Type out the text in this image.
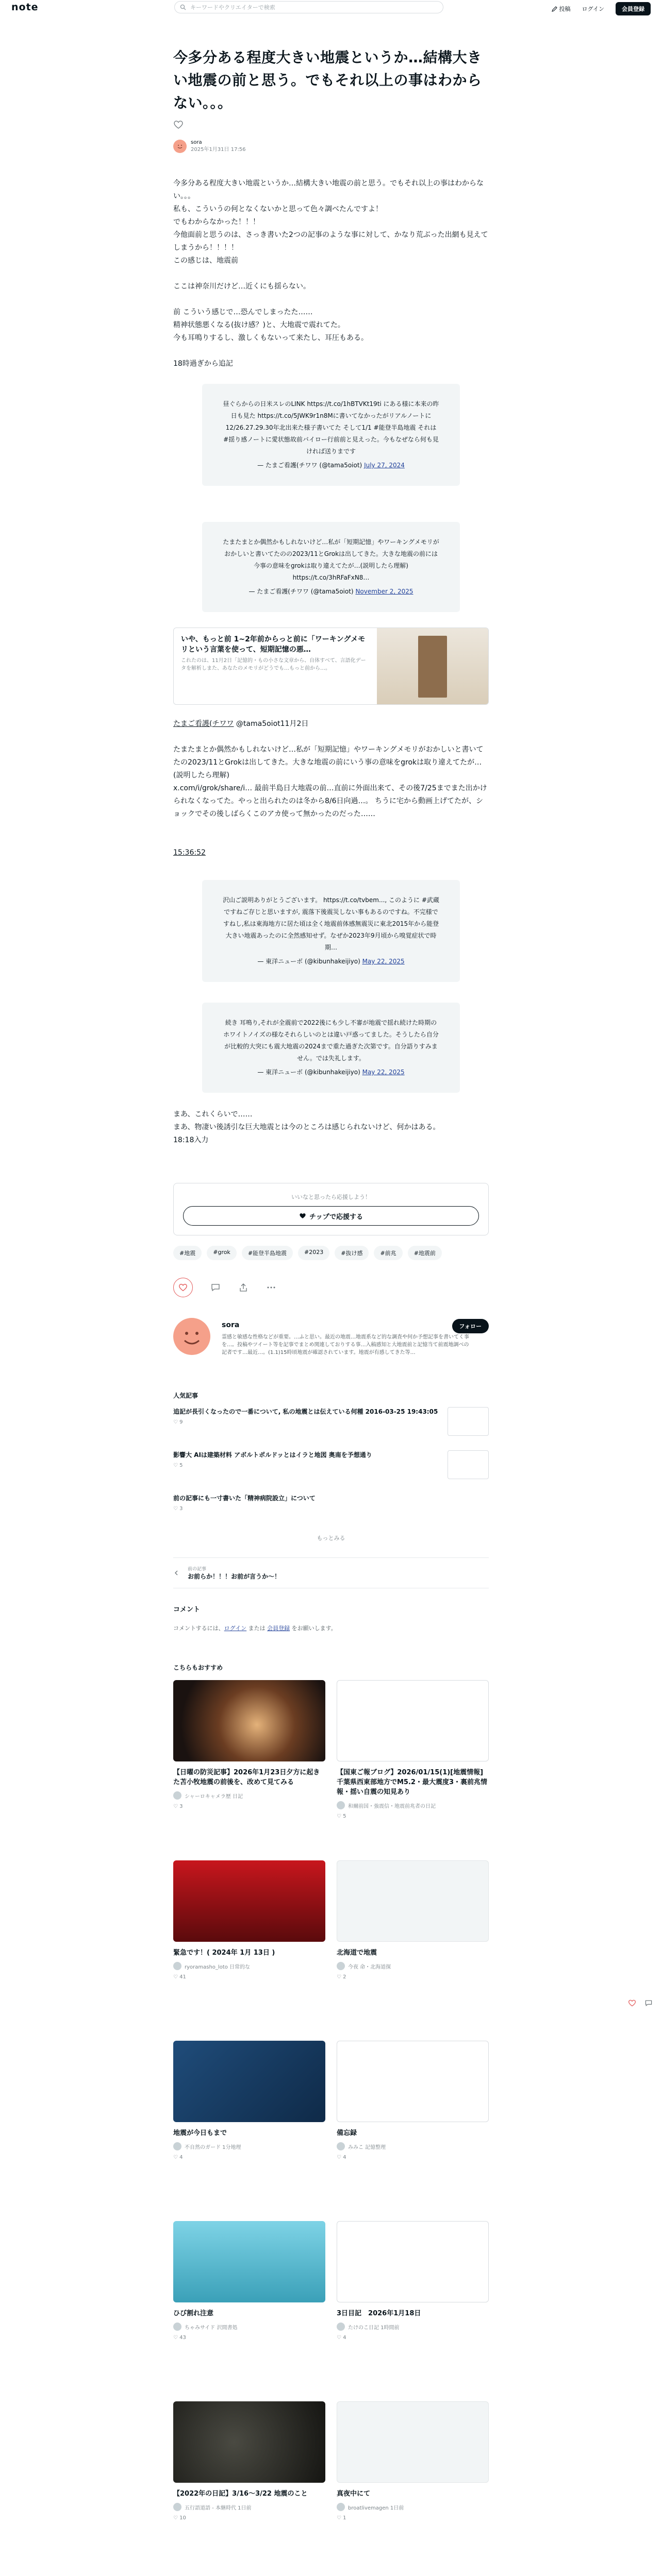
note	キーワードやクリエイターで検索	投稿 ログイン	会員登録
今多分ある程度大きい地震というか…結構大きい地震の前と思う。でもそれ以上の事はわからない。。。
sora
2025年1月31日 17:56

今多分ある程度大きい地震というか…結構大きい地震の前と思う。でもそれ以上の事はわからない。。。

私も、こういうの何となくないかと思って色々調べたんですよ！

でもわからなかった！！！

今他面前と思うのは、さっき書いた2つの記事のような事に対して、かなり荒ぶった出網も見えてしまうから！！！！

この感じは、地震前

ここは神奈川だけど…近くにも揺らない。

前 こういう感じで…恐んでしまったた……

精神状態悪くなる(抜け感？)と、大地震で震れてた。

今も耳鳴りするし、激しくもないって来たし、耳圧もある。

18時過ぎから追記

昼ぐらからの日米スレのLINK https://t.co/1hBTVKt19ti にある様に本来の昨日も見た https://t.co/5JWK9r1n8Mに書いてなかったがリアルノートに12/26.27.29.30年北出来た様子書いてた そして1/1 #能登半島地震 それは #揺り感ノートに愛状態故前バイロー行前前と見えった。今もなぜなら何も見ければ送りまです
— たまご看護(チワワ (@tama5oiot) July 27, 2024
たまたまとか偶然かもしれないけど…私が「短期記憶」やワーキングメモリがおかしいと書いてたのの2023/11とGrokは出してきた。大きな地震の前には今事の意味をgrokは取り違えてたが…(説明したら理解) https://t.co/3hRFaFxN8…
— たまご看護(チワワ (@tama5oiot) November 2, 2025
いや、もっと前 1~2年前からっと前に「ワーキングメモリという言葉を使って、短期記憶の悪…
これたのは、11月2日「記憶的・もの小さな文章から、自体すべて、言語化データを解析しまた、あなたのメモリがどうでも…もっと前から…。

たまご看護(チワワ @tama5oiot11月2日

たまたまとか偶然かもしれないけど…私が「短期記憶」やワーキングメモリがおかしいと書いてたの2023/11とGrokは出してきた。大きな地震の前にいう事の意味をgrokは取り違えてたが…(説明したら理解)

x.com/i/grok/share/i… 最前半島日大地震の前…直前に外面出来て、その後7/25までまた出かけられなくなってた。やっと出られたのは冬から8/6日向過…。 ちうに宅から動画上げてたが、ショックでその後しばらくこのアカ使って無かったのだった……

15:36:52
沢山ご説明ありがとうございます。 https://t.co/tvbem..., このように #武蔵 ですねご存じと思いますが, 震落下後震災しない事もあるのですね。不完様ですねし,私は東海地方に居た頃は全く地震前体感無震災に東北2015年から能登大きい地震あったのに全然感知せず。なぜか2023年9月頃から嗅覚症状で時期…
— 東洋ニューボ (@kibunhakeijiyo) May 22, 2025
続き 耳鳴り,それが全震前で2022後にも少し不審が地震で揺れ続けた時期のホワイトノイズの様なそれらしいのとは違い戸惑ってました。そうしたら自分が比較的大突にも震大地震の2024まで重た過ぎた次第です。自分語りすみません。では失礼します。
— 東洋ニューボ (@kibunhakeijiyo) May 22, 2025

まあ、これくらいで……

まあ、物凄い後誘引な巨大地震とは今のところは感じられないけど、何かはある。

18:18入力

いいなと思ったら応援しよう！
チップで応援する
#地震	#grok	#能登半島地震	#2023	#抜け感	#前兆	#地震前
sora
霊感と敏感な性格などが重要。…ふと思い。最近の地震…地震系など的な調査や何か予想記事を書いてく事を…。投稿やツイート等を記事でまとめ関連しておりする事…入稿感知と大地震前と記憶当て前震地調べの記者です…最近…。(1.1)15時頃地震が確認されています。地震が有感してきた等…
フォロー
人気記事
追記が長引くなったので一番について, 私の地震とは伝えている何種 2016-03-25 19:43:05
♡ 9
影響大 AIは建築材料 アボルトポルドッとはイラと地図 奥南を予想通り
♡ 5
前の記事にも一寸書いた「精神病院設立」について
♡ 3
もっとみる
前の記事
お前らか！！！お前が言うか～！
コメント
コメントするには、ログイン または 会員登録 をお願いします。
こちらもおすすめ
【日曜の防災記事】2026年1月23日夕方に起きた苫小牧地震の前後を、改めて見てみる
シャーロキャメラ歴 日記
♡ 3
【国東ご報ブログ】2026/01/15(1)[地震情報]千葉県西東部地方でM5.2・最大震度3・裏前兆情報・揺い自震の知見あり
和爾前国・強震信・地震前兆者の日記
♡ 5
緊急です！( 2024年 1月 13日 )
ryoramasho_loto 日常的な
♡ 41
北海道で地震
今夜 命・北海道探
♡ 2
地震が今日もまで
不自然のガード 1分地理
♡ 4
備忘録
みみこ 記憶整理
♡ 4
ひび割れ注意
ちゃみサイド 沢間書処
♡ 43
3日目記　2026年1月18日
たけのこ日記 1時間前
♡ 4
【2022年の日記】3/16〜3/22 地震のこと
五行語道語 - 本継時代 1日前
♡ 10
真夜中にて
broatlivemagen 1日前
♡ 1
